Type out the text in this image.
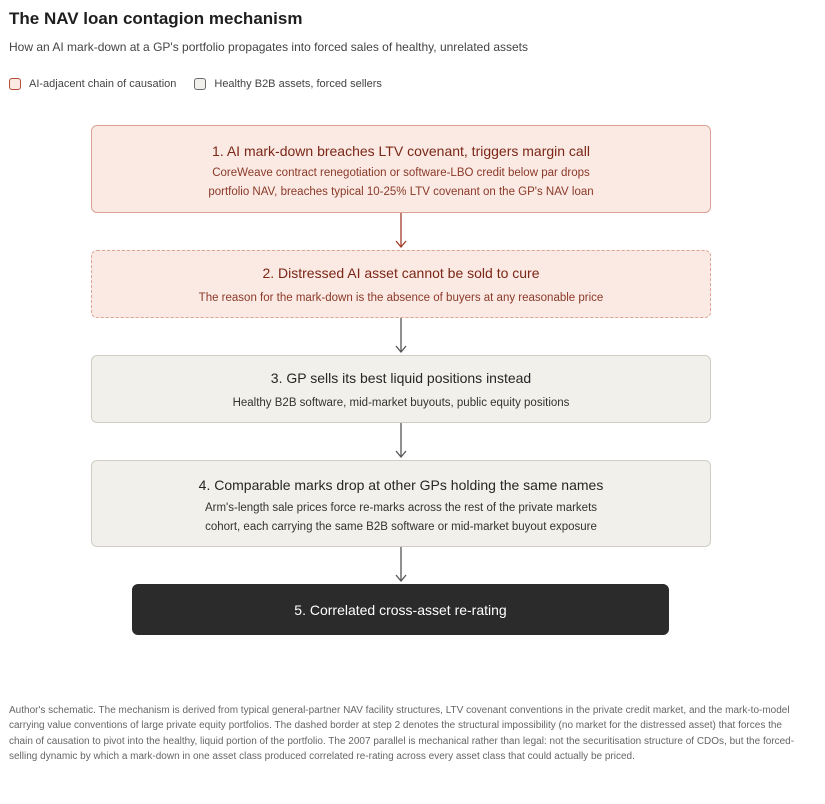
The NAV loan contagion mechanism
How an AI mark-down at a GP's portfolio propagates into forced sales of healthy, unrelated assets
AI-adjacent chain of causation	Healthy B2B assets, forced sellers
1. AI mark-down breaches LTV covenant, triggers margin call
CoreWeave contract renegotiation or software-LBO credit below par drops
portfolio NAV, breaches typical 10-25% LTV covenant on the GP's NAV loan
2. Distressed AI asset cannot be sold to cure
The reason for the mark-down is the absence of buyers at any reasonable price
3. GP sells its best liquid positions instead
Healthy B2B software, mid-market buyouts, public equity positions
4. Comparable marks drop at other GPs holding the same names
Arm's-length sale prices force re-marks across the rest of the private markets
cohort, each carrying the same B2B software or mid-market buyout exposure
5. Correlated cross-asset re-rating
Author's schematic. The mechanism is derived from typical general-partner NAV facility structures, LTV covenant conventions in the private credit market, and the mark-to-model carrying value conventions of large private equity portfolios. The dashed border at step 2 denotes the structural impossibility (no market for the distressed asset) that forces the chain of causation to pivot into the healthy, liquid portion of the portfolio. The 2007 parallel is mechanical rather than legal: not the securitisation structure of CDOs, but the forced-selling dynamic by which a mark-down in one asset class produced correlated re-rating across every asset class that could actually be priced.
